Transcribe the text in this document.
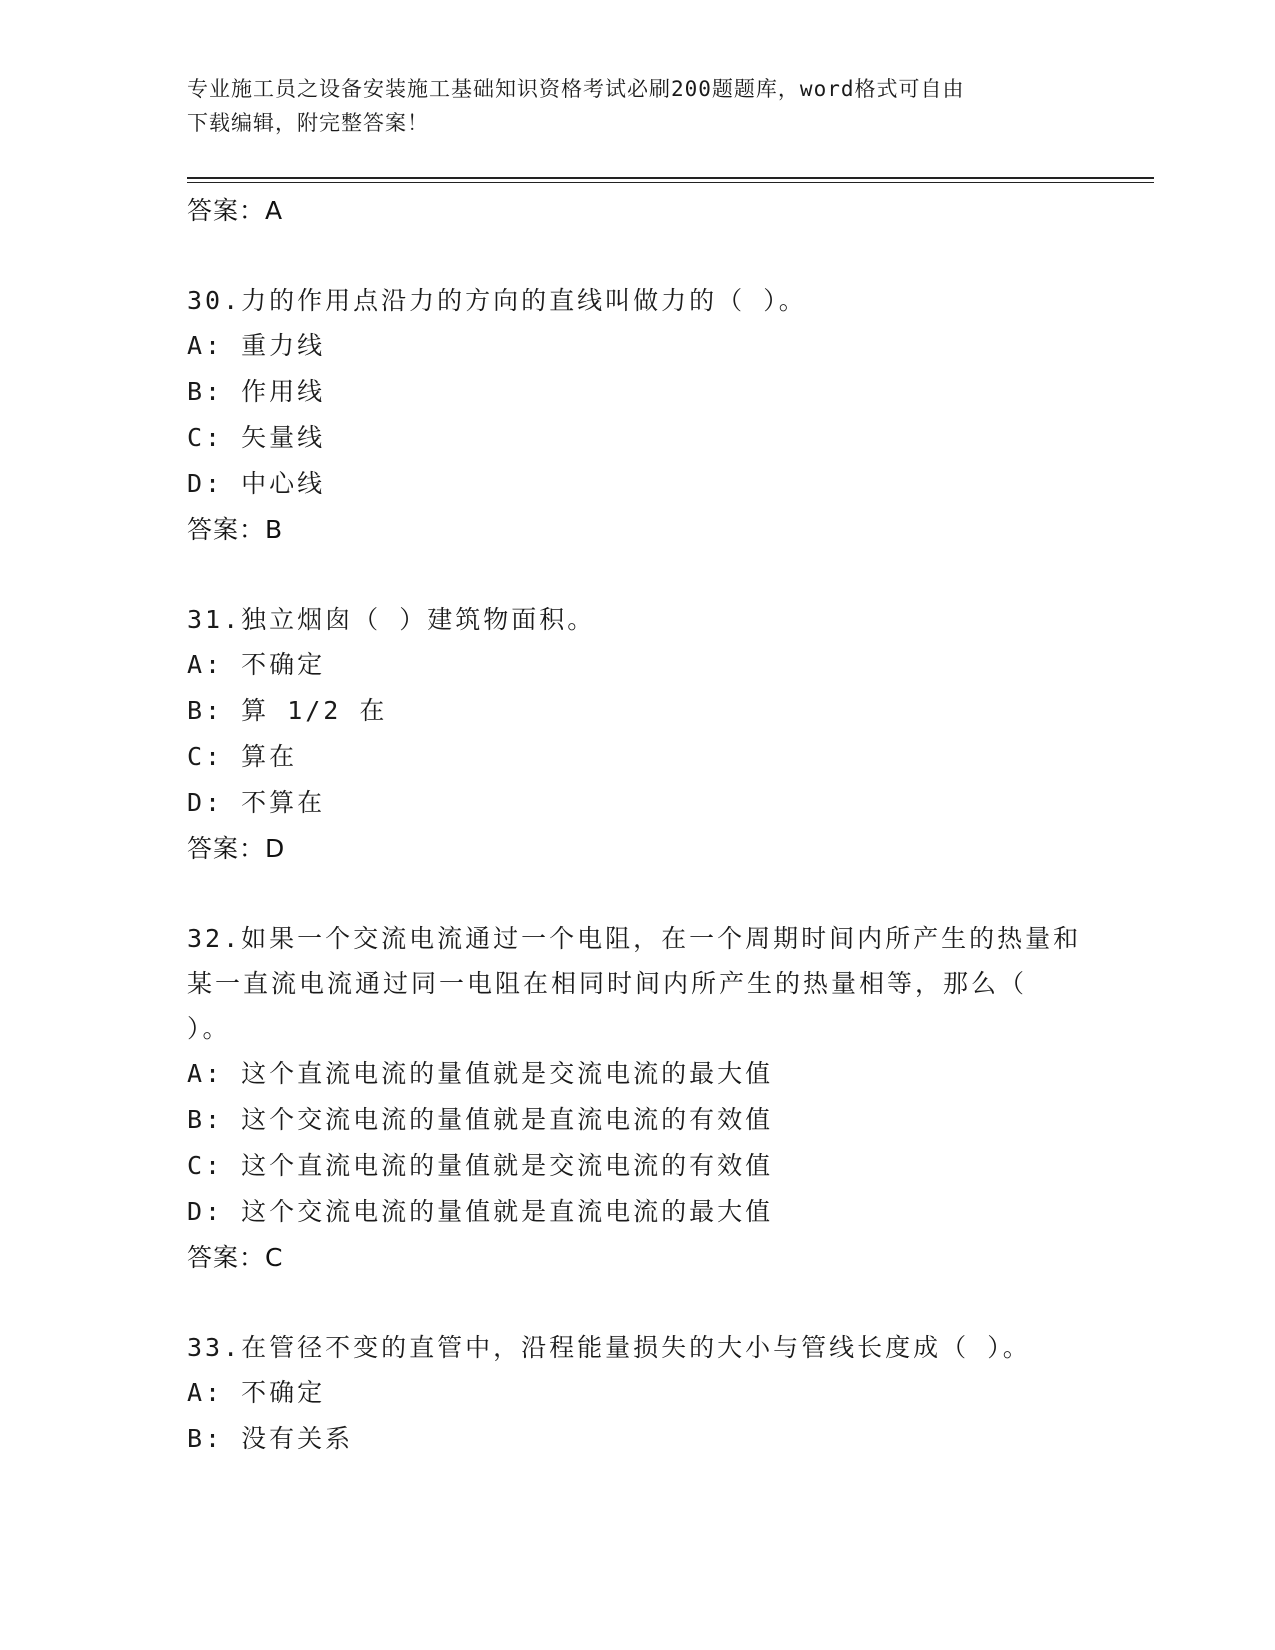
专业施工员之设备安装施工基础知识资格考试必刷200题题库，word格式可自由
下载编辑，附完整答案！
答案：A
30.力的作用点沿力的方向的直线叫做力的（ ）。
A: 重力线
B: 作用线
C: 矢量线
D: 中心线
答案：B
31.独立烟囱（ ）建筑物面积。
A: 不确定
B: 算 1/2 在
C: 算在
D: 不算在
答案：D
32.如果一个交流电流通过一个电阻，在一个周期时间内所产生的热量和某一直流电流通过同一电阻在相同时间内所产生的热量相等，那么（ ）。
A: 这个直流电流的量值就是交流电流的最大值
B: 这个交流电流的量值就是直流电流的有效值
C: 这个直流电流的量值就是交流电流的有效值
D: 这个交流电流的量值就是直流电流的最大值
答案：C
33.在管径不变的直管中，沿程能量损失的大小与管线长度成（ ）。
A: 不确定
B: 没有关系
